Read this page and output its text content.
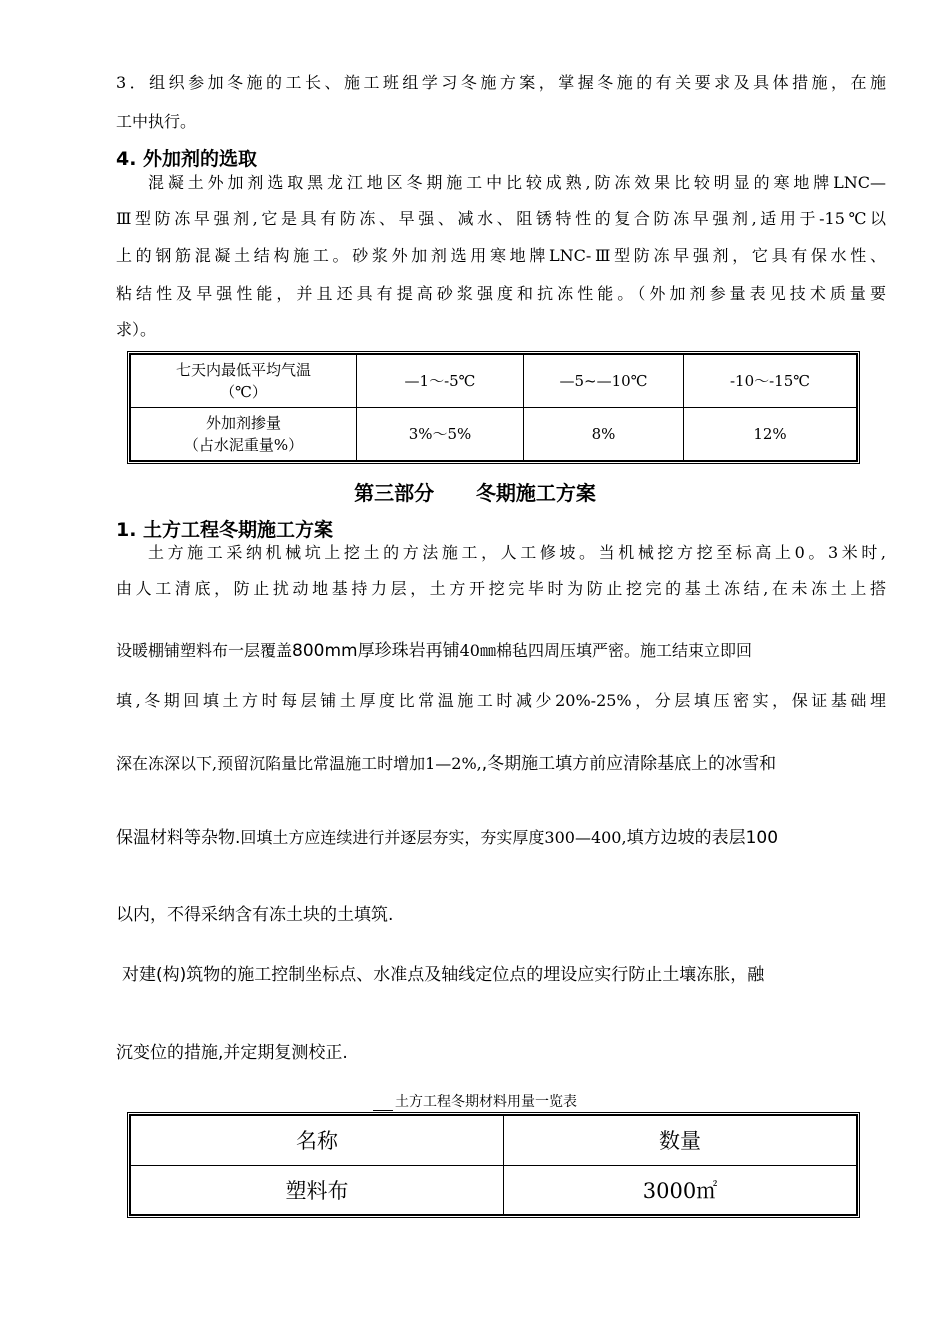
3．组织参加冬施的工长、施工班组学习冬施方案，掌握冬施的有关要求及具体措施，在施
工中执行。
4. 外加剂的选取
混凝土外加剂选取黑龙江地区冬期施工中比较成熟,防冻效果比较明显的寒地牌LNC—
Ⅲ型防冻早强剂,它是具有防冻、早强、减水、阻锈特性的复合防冻早强剂,适用于-15℃以
上的钢筋混凝土结构施工。砂浆外加剂选用寒地牌LNC-Ⅲ型防冻早强剂，它具有保水性、
粘结性及早强性能，并且还具有提高砂浆强度和抗冻性能。（外加剂参量表见技术质量要
求）。
七天内最低平均气温
（℃）	—1～-5℃	—5~—10℃	-10～-15℃

外加剂掺量
（占水泥重量%）	3%～5%	8%	12%
第三部分      冬期施工方案
1. 土方工程冬期施工方案
土方施工采纳机械坑上挖土的方法施工，人工修坡。当机械挖方挖至标高上0。3米时,
由人工清底，防止扰动地基持力层，土方开挖完毕时为防止挖完的基土冻结,在未冻土上搭
设暖棚铺塑料布一层覆盖800mm厚珍珠岩再铺40㎜棉毡四周压填严密。施工结束立即回
填,冬期回填土方时每层铺土厚度比常温施工时减少20%-25%，分层填压密实，保证基础埋
深在冻深以下,预留沉陷量比常温施工时增加1—2%,,冬期施工填方前应清除基底上的冰雪和
保温材料等杂物.回填土方应连续进行并逐层夯实，夯实厚度300—400,填方边坡的表层100
以内，不得采纳含有冻土块的土填筑.
对建(构)筑物的施工控制坐标点、水准点及轴线定位点的埋设应实行防止土壤冻胀，融
沉变位的措施,并定期复测校正.
土方工程冬期材料用量一览表
名称	数量
塑料布	3000㎡
